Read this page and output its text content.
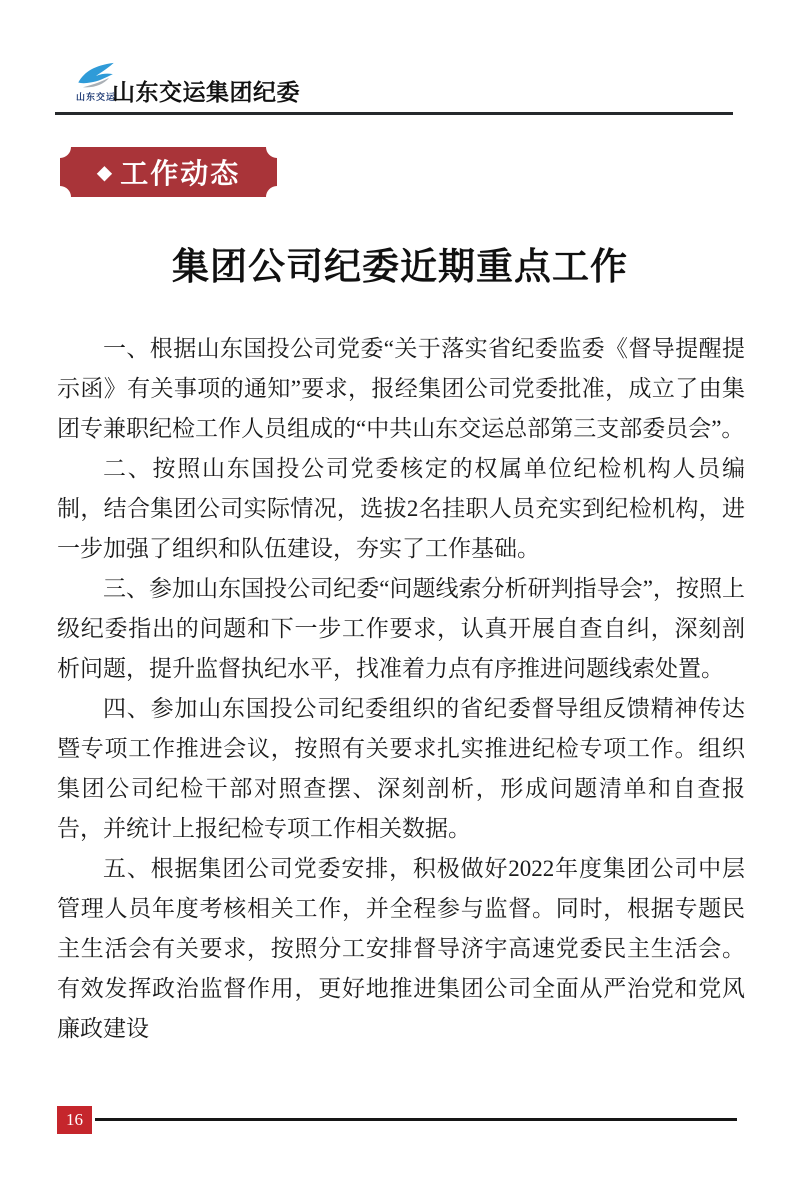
山东交运
山东交运集团纪委
◆ 工作动态
集团公司纪委近期重点工作

一、根据山东国投公司党委“关于落实省纪委监委《督导提醒提示函》有关事项的通知”要求，报经集团公司党委批准，成立了由集团专兼职纪检工作人员组成的“中共山东交运总部第三支部委员会”。

二、按照山东国投公司党委核定的权属单位纪检机构人员编制，结合集团公司实际情况，选拔2名挂职人员充实到纪检机构，进一步加强了组织和队伍建设，夯实了工作基础。

三、参加山东国投公司纪委“问题线索分析研判指导会”，按照上级纪委指出的问题和下一步工作要求，认真开展自查自纠，深刻剖析问题，提升监督执纪水平，找准着力点有序推进问题线索处置。

四、参加山东国投公司纪委组织的省纪委督导组反馈精神传达暨专项工作推进会议，按照有关要求扎实推进纪检专项工作。组织集团公司纪检干部对照查摆、深刻剖析，形成问题清单和自查报告，并统计上报纪检专项工作相关数据。

五、根据集团公司党委安排，积极做好2022年度集团公司中层管理人员年度考核相关工作，并全程参与监督。同时，根据专题民主生活会有关要求，按照分工安排督导济宇高速党委民主生活会。有效发挥政治监督作用，更好地推进集团公司全面从严治党和党风廉政建设

16
